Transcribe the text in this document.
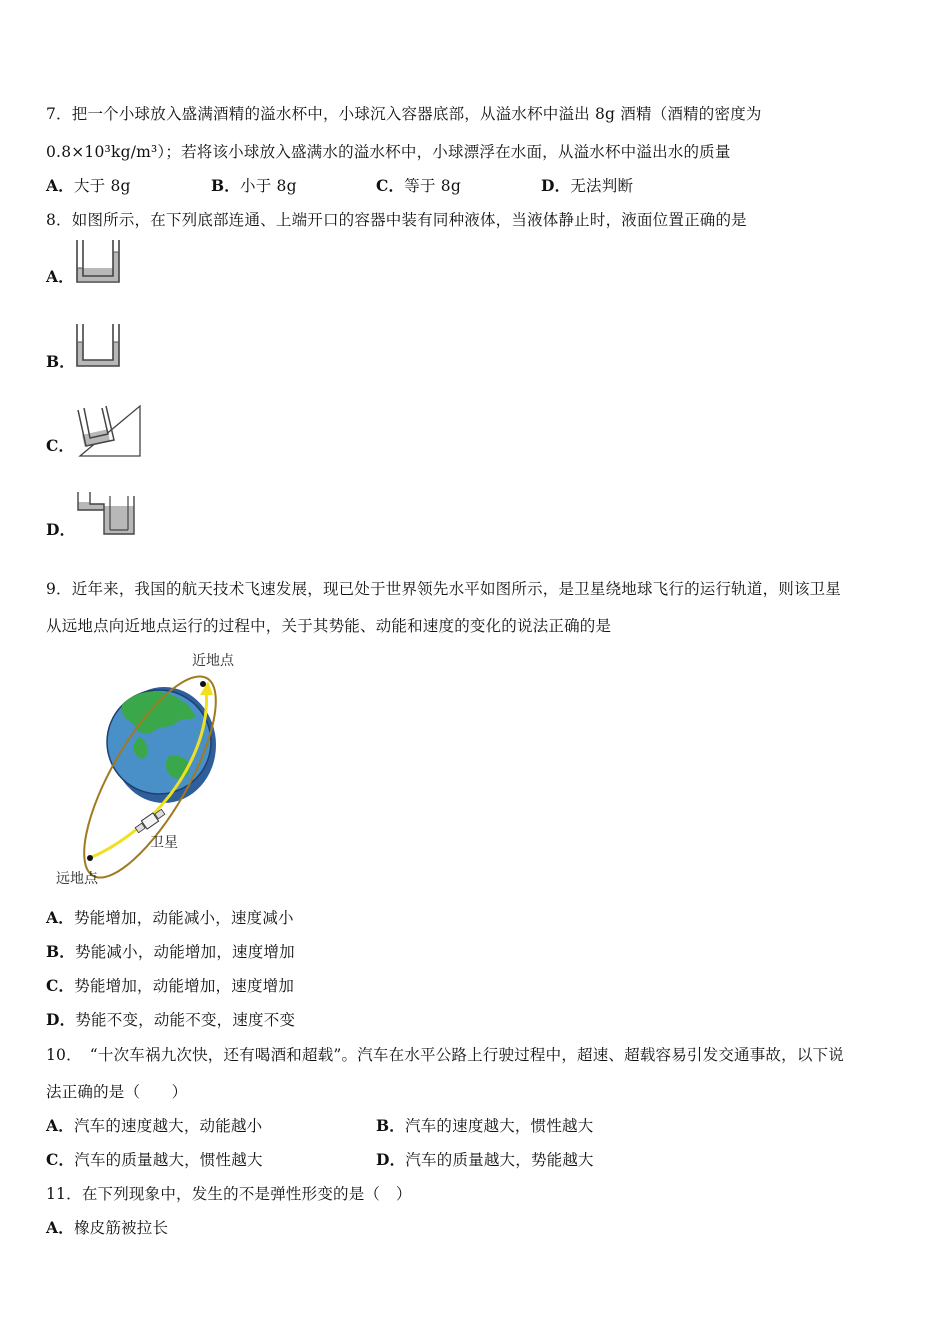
7．把一个小球放入盛满酒精的溢水杯中，小球沉入容器底部，从溢水杯中溢出 8g 酒精（酒精的密度为
0.8×10³kg/m³）；若将该小球放入盛满水的溢水杯中，小球漂浮在水面，从溢水杯中溢出水的质量
A．大于 8g	B．小于 8g	C．等于 8g	D．无法判断
8．如图所示，在下列底部连通、上端开口的容器中装有同种液体，当液体静止时，液面位置正确的是
A．
B．
C．
D．
9．近年来，我国的航天技术飞速发展，现已处于世界领先水平如图所示，是卫星绕地球飞行的运行轨道，则该卫星
从远地点向近地点运行的过程中，关于其势能、动能和速度的变化的说法正确的是
近地点
卫星
远地点
A．势能增加，动能减小，速度减小
B．势能减小，动能增加，速度增加
C．势能增加，动能增加，速度增加
D．势能不变，动能不变，速度不变
10．　“十次车祸九次快，还有喝酒和超载”。汽车在水平公路上行驶过程中，超速、超载容易引发交通事故，以下说
法正确的是（　　）
A．汽车的速度越大，动能越小	B．汽车的速度越大，惯性越大
C．汽车的质量越大，惯性越大	D．汽车的质量越大，势能越大
11．在下列现象中，发生的不是弹性形变的是（　）
A．橡皮筋被拉长
